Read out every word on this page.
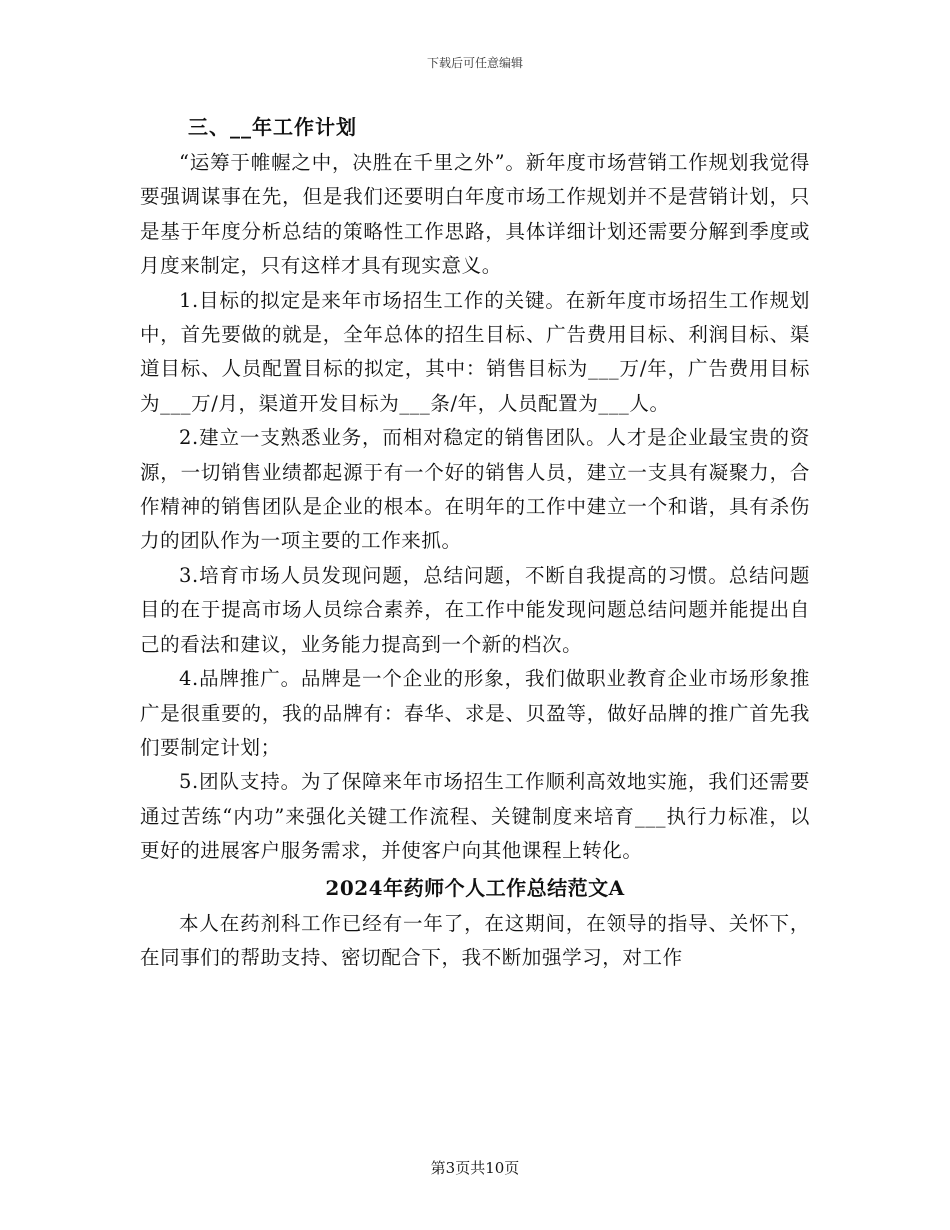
下载后可任意编辑
三、__年工作计划

“运筹于帷幄之中，决胜在千里之外”。新年度市场营销工作规划我觉得要强调谋事在先，但是我们还要明白年度市场工作规划并不是营销计划，只是基于年度分析总结的策略性工作思路，具体详细计划还需要分解到季度或月度来制定，只有这样才具有现实意义。

1.目标的拟定是来年市场招生工作的关键。在新年度市场招生工作规划中，首先要做的就是，全年总体的招生目标、广告费用目标、利润目标、渠道目标、人员配置目标的拟定，其中：销售目标为___万/年，广告费用目标为___万/月，渠道开发目标为___条/年，人员配置为___人。

2.建立一支熟悉业务，而相对稳定的销售团队。人才是企业最宝贵的资源，一切销售业绩都起源于有一个好的销售人员，建立一支具有凝聚力，合作精神的销售团队是企业的根本。在明年的工作中建立一个和谐，具有杀伤力的团队作为一项主要的工作来抓。

3.培育市场人员发现问题，总结问题，不断自我提高的习惯。总结问题目的在于提高市场人员综合素养，在工作中能发现问题总结问题并能提出自己的看法和建议，业务能力提高到一个新的档次。

4.品牌推广。品牌是一个企业的形象，我们做职业教育企业市场形象推广是很重要的，我的品牌有：春华、求是、贝盈等，做好品牌的推广首先我们要制定计划；

5.团队支持。为了保障来年市场招生工作顺利高效地实施，我们还需要通过苦练“内功”来强化关键工作流程、关键制度来培育___执行力标准，以更好的进展客户服务需求，并使客户向其他课程上转化。

2024年药师个人工作总结范文A

本人在药剂科工作已经有一年了，在这期间，在领导的指导、关怀下，在同事们的帮助支持、密切配合下，我不断加强学习，对工作

第3页共10页
